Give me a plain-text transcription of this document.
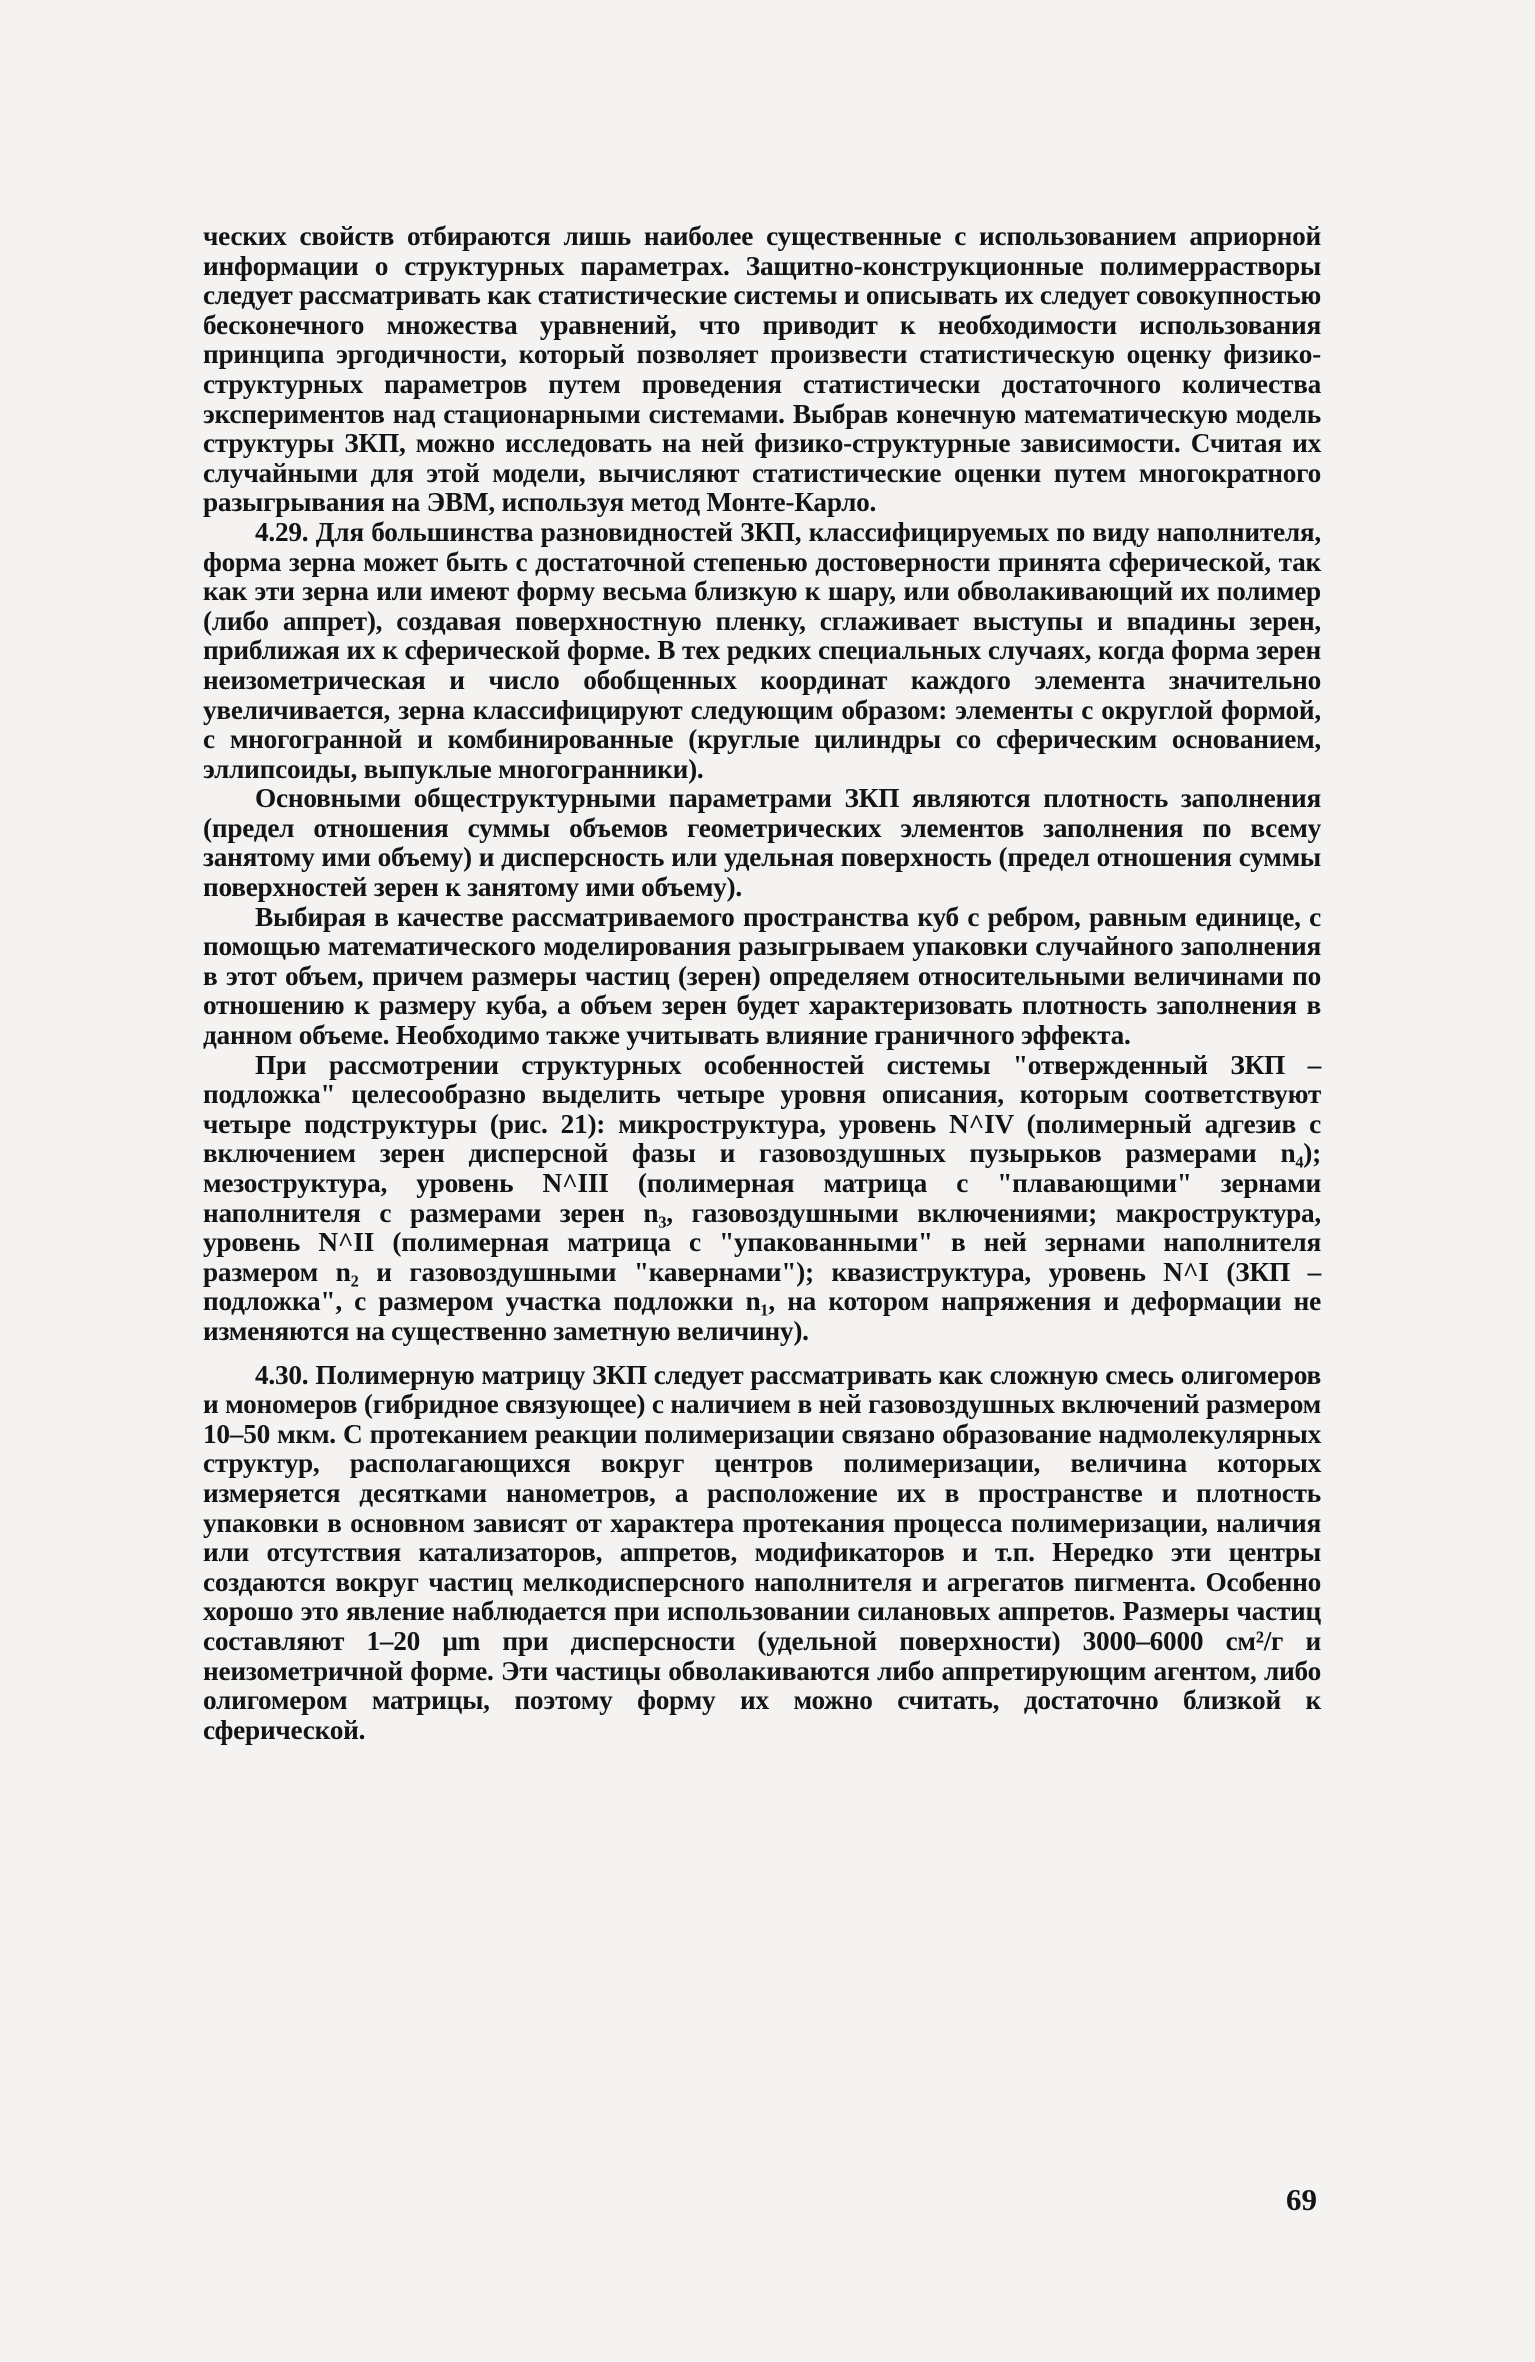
ческих свойств отбираются лишь наиболее существенные с использованием априорной информации о структурных параметрах. Защитно-конструкционные полимеррастворы следует рассматривать как статистические системы и описывать их следует совокупностью бесконечного множества уравнений, что приводит к необходимости использования принципа эргодичности, который позволяет произвести статистическую оценку физико-структурных параметров путем проведения статистически достаточного количества экспериментов над стационарными системами. Выбрав конечную математическую модель структуры ЗКП, можно исследовать на ней физико-структурные зависимости. Считая их случайными для этой модели, вычисляют статистические оценки путем многократного разыгрывания на ЭВМ, используя метод Монте-Карло.

4.29. Для большинства разновидностей ЗКП, классифицируемых по виду наполнителя, форма зерна может быть с достаточной степенью достоверности принята сферической, так как эти зерна или имеют форму весьма близкую к шару, или обволакивающий их полимер (либо аппрет), создавая поверхностную пленку, сглаживает выступы и впадины зерен, приближая их к сферической форме. В тех редких специальных случаях, когда форма зерен неизометрическая и число обобщенных координат каждого элемента значительно увеличивается, зерна классифицируют следующим образом: элементы с округлой формой, с многогранной и комбинированные (круглые цилиндры со сферическим основанием, эллипсоиды, выпуклые многогранники).

Основными общеструктурными параметрами ЗКП являются плотность заполнения (предел отношения суммы объемов геометрических элементов заполнения по всему занятому ими объему) и дисперсность или удельная поверхность (предел отношения суммы поверхностей зерен к занятому ими объему).

Выбирая в качестве рассматриваемого пространства куб с ребром, равным единице, с помощью математического моделирования разыгрываем упаковки случайного заполнения в этот объем, причем размеры частиц (зерен) определяем относительными величинами по отношению к размеру куба, а объем зерен будет характеризовать плотность заполнения в данном объеме. Необходимо также учитывать влияние граничного эффекта.

При рассмотрении структурных особенностей системы "отвержденный ЗКП – подложка" целесообразно выделить четыре уровня описания, которым соответствуют четыре подструктуры (рис. 21): микроструктура, уровень N^IV (полимерный адгезив с включением зерен дисперсной фазы и газовоздушных пузырьков размерами n₄); мезоструктура, уровень N^III (полимерная матрица с "плавающими" зернами наполнителя с размерами зерен n₃, газовоздушными включениями; макроструктура, уровень N^II (полимерная матрица с "упакованными" в ней зернами наполнителя размером n₂ и газовоздушными "кавернами"); квазиструктура, уровень N^I (ЗКП – подложка", с размером участка подложки n₁, на котором напряжения и деформации не изменяются на существенно заметную величину).

4.30. Полимерную матрицу ЗКП следует рассматривать как сложную смесь олигомеров и мономеров (гибридное связующее) с наличием в ней газовоздушных включений размером 10–50 мкм. С протеканием реакции полимеризации связано образование надмолекулярных структур, располагающихся вокруг центров полимеризации, величина которых измеряется десятками нанометров, а расположение их в пространстве и плотность упаковки в основном зависят от характера протекания процесса полимеризации, наличия или отсутствия катализаторов, аппретов, модификаторов и т.п. Нередко эти центры создаются вокруг частиц мелкодисперсного наполнителя и агрегатов пигмента. Особенно хорошо это явление наблюдается при использовании силановых аппретов. Размеры частиц составляют 1–20 μm при дисперсности (удельной поверхности) 3000–6000 см²/г и неизометричной форме. Эти частицы обволакиваются либо аппретирующим агентом, либо олигомером матрицы, поэтому форму их можно считать, достаточно близкой к сферической.

69
